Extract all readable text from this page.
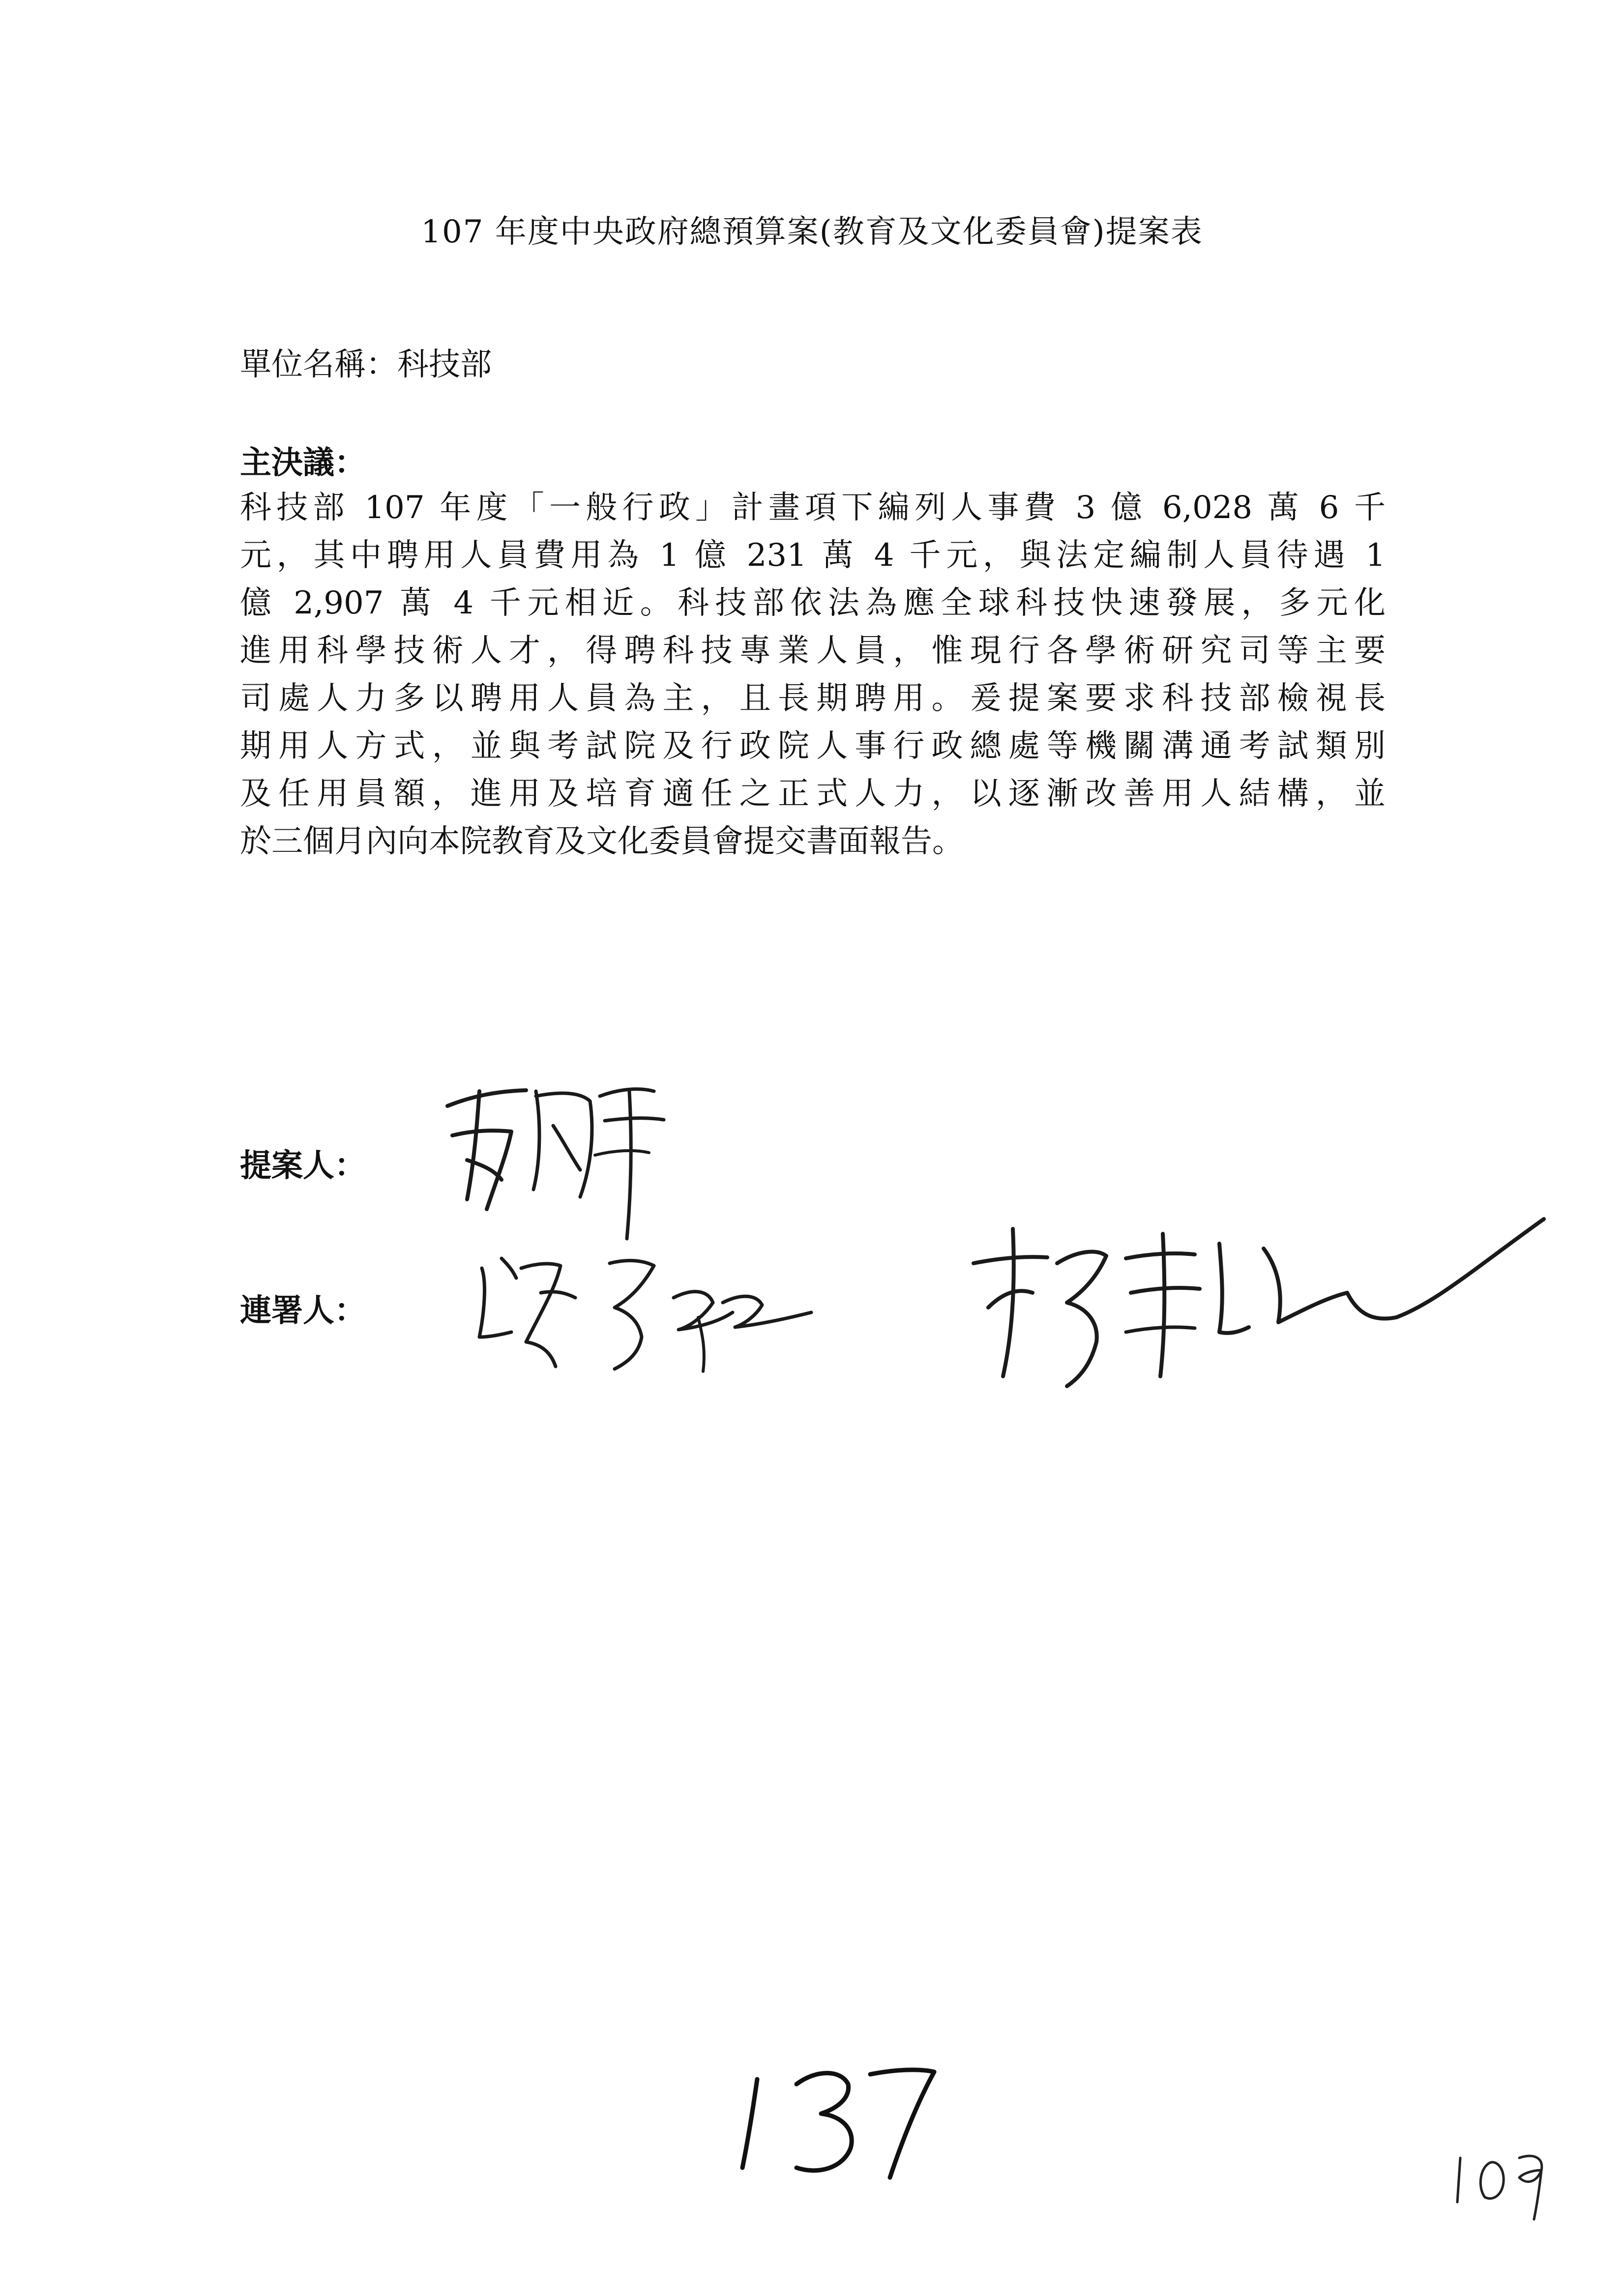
107 年度中央政府總預算案(教育及文化委員會)提案表
單位名稱：科技部
主決議：
科技部 107 年度「一般行政」計畫項下編列人事費 3 億 6,028 萬 6 千
元，其中聘用人員費用為 1 億 231 萬 4 千元，與法定編制人員待遇 1
億 2,907 萬 4 千元相近。科技部依法為應全球科技快速發展，多元化
進用科學技術人才，得聘科技專業人員，惟現行各學術研究司等主要
司處人力多以聘用人員為主，且長期聘用。爰提案要求科技部檢視長
期用人方式，並與考試院及行政院人事行政總處等機關溝通考試類別
及任用員額，進用及培育適任之正式人力，以逐漸改善用人結構，並
於三個月內向本院教育及文化委員會提交書面報告。
提案人：
連署人：
